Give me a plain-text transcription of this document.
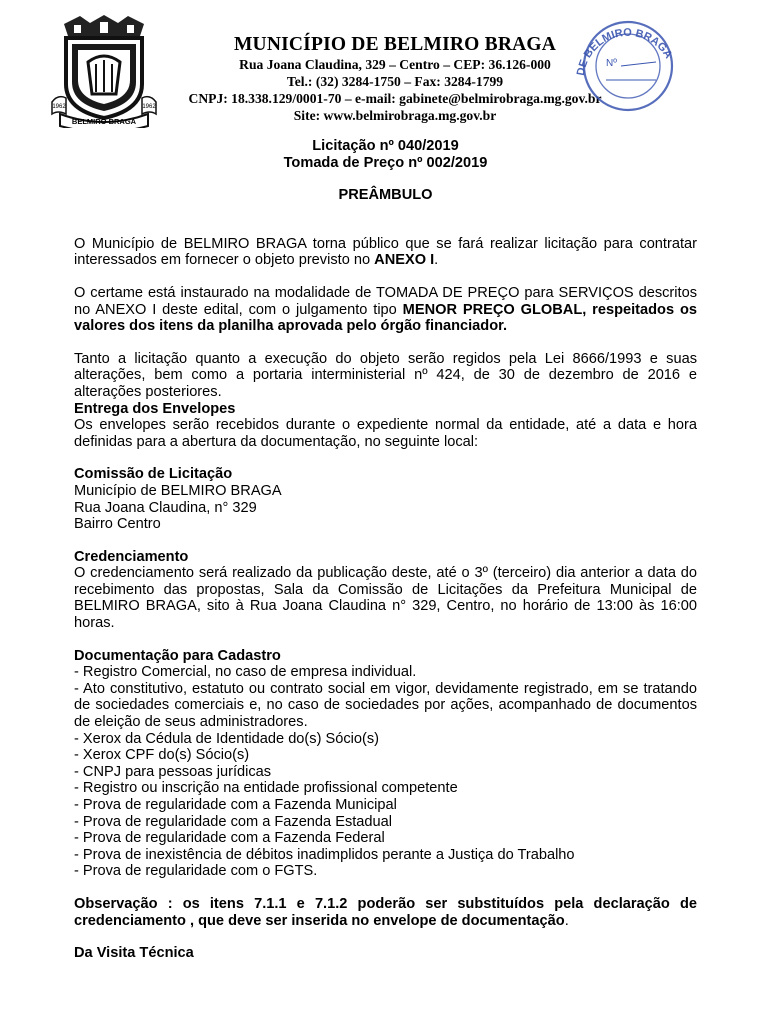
1962	1962
BELMIRO BRAGA
MUNICÍPIO DE BELMIRO BRAGA
Rua Joana Claudina, 329 – Centro – CEP: 36.126-000
Tel.: (32) 3284-1750 – Fax: 3284-1799
CNPJ: 18.338.129/0001-70 – e-mail: gabinete@belmirobraga.mg.gov.br
Site: www.belmirobraga.mg.gov.br
DE BELMIRO BRAGA
Nº
Licitação nº 040/2019
Tomada de Preço nº 002/2019
PREÂMBULO

O Município de BELMIRO BRAGA torna público que se fará realizar licitação para contratar interessados em fornecer o objeto previsto no ANEXO I.

O certame está instaurado na modalidade de TOMADA DE PREÇO para SERVIÇOS descritos no ANEXO I deste edital, com o julgamento tipo MENOR PREÇO GLOBAL, respeitados os valores dos itens da planilha aprovada pelo órgão financiador.

Tanto a licitação quanto a execução do objeto serão regidos pela Lei 8666/1993 e suas alterações, bem como a portaria interministerial nº 424, de 30 de dezembro de 2016 e alterações posteriores.

Entrega dos Envelopes

Os envelopes serão recebidos durante o expediente normal da entidade, até a data e hora definidas para a abertura da documentação, no seguinte local:

Comissão de Licitação
Município de BELMIRO BRAGA
Rua Joana Claudina, n° 329
Bairro Centro
Credenciamento

O credenciamento será realizado da publicação deste, até o 3º (terceiro) dia anterior a data do recebimento das propostas, Sala da Comissão de Licitações da Prefeitura Municipal de BELMIRO BRAGA, sito à Rua Joana Claudina n° 329, Centro, no horário de 13:00 às 16:00 horas.

Documentação para Cadastro
- Registro Comercial, no caso de empresa individual.
- Ato constitutivo, estatuto ou contrato social em vigor, devidamente registrado, em se tratando de sociedades comerciais e, no caso de sociedades por ações, acompanhado de documentos de eleição de seus administradores.
- Xerox da Cédula de Identidade do(s) Sócio(s)
- Xerox CPF do(s) Sócio(s)
- CNPJ para pessoas jurídicas
- Registro ou inscrição na entidade profissional competente
- Prova de regularidade com a Fazenda Municipal
- Prova de regularidade com a Fazenda Estadual
- Prova de regularidade com a Fazenda Federal
- Prova de inexistência de débitos inadimplidos perante a Justiça do Trabalho
- Prova de regularidade com o FGTS.

Observação : os itens 7.1.1 e 7.1.2 poderão ser substituídos pela declaração de credenciamento , que deve ser inserida no envelope de documentação.

Da Visita Técnica
